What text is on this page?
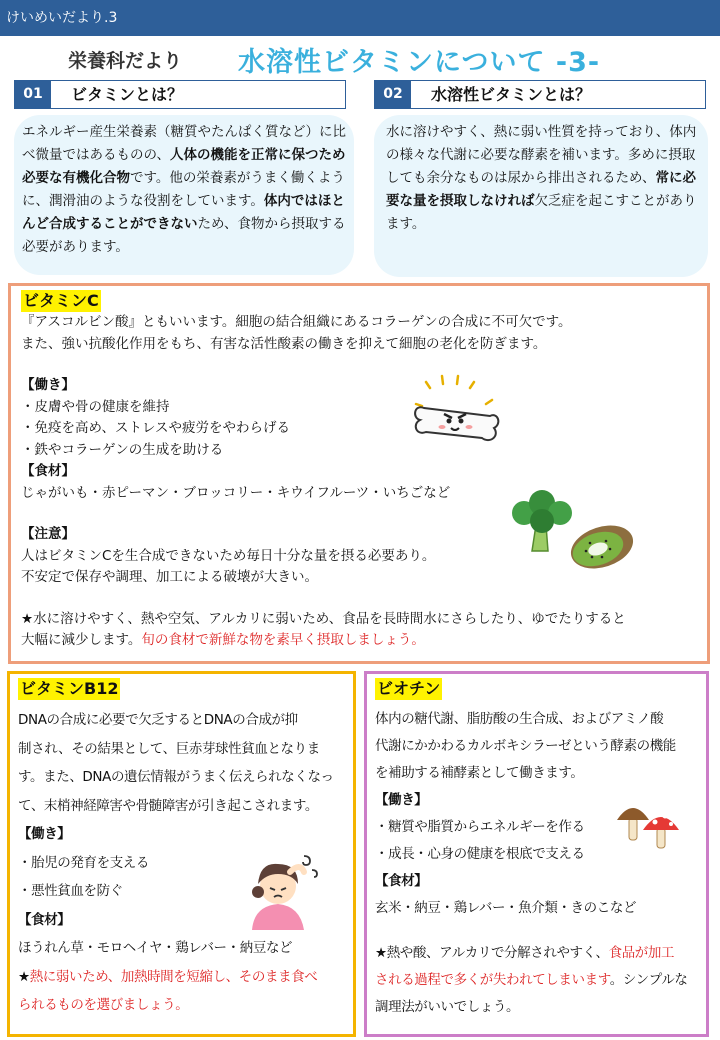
けいめいだより.3
栄養科だより 水溶性ビタミンについて -3-
01	ビタミンとは？	02	水溶性ビタミンとは？

エネルギー産生栄養素（糖質やたんぱく質など）に比べ微量ではあるものの、人体の機能を正常に保つため必要な有機化合物です。他の栄養素がうまく働くように、潤滑油のような役割をしています。体内ではほとんど合成することができないため、食物から摂取する必要があります。

水に溶けやすく、熱に弱い性質を持っており、体内の様々な代謝に必要な酵素を補います。多めに摂取しても余分なものは尿から排出されるため、常に必要な量を摂取しなければ欠乏症を起こすことがあります。

ビタミンC
『アスコルビン酸』ともいいます。細胞の結合組織にあるコラーゲンの合成に不可欠です。
また、強い抗酸化作用をもち、有害な活性酸素の働きを抑えて細胞の老化を防ぎます。
【働き】
・皮膚や骨の健康を維持
・免疫を高め、ストレスや疲労をやわらげる
・鉄やコラーゲンの生成を助ける
【食材】
じゃがいも・赤ピーマン・ブロッコリー・キウイフルーツ・いちごなど
【注意】
人はビタミンCを生合成できないため毎日十分な量を摂る必要あり。
不安定で保存や調理、加工による破壊が大きい。
★水に溶けやすく、熱や空気、アルカリに弱いため、食品を長時間水にさらしたり、ゆでたりすると
大幅に減少します。旬の食材で新鮮な物を素早く摂取しましょう。
ビタミンB12
DNAの合成に必要で欠乏するとDNAの合成が抑
制され、その結果として、巨赤芽球性貧血となりま
す。また、DNAの遺伝情報がうまく伝えられなくなっ
て、末梢神経障害や骨髄障害が引き起こされます。
【働き】
・胎児の発育を支える
・悪性貧血を防ぐ
【食材】
ほうれん草・モロヘイヤ・鶏レバー・納豆など
★熱に弱いため、加熱時間を短縮し、そのまま食べ
られるものを選びましょう。
ビオチン
体内の糖代謝、脂肪酸の生合成、およびアミノ酸
代謝にかかわるカルボキシラーゼという酵素の機能
を補助する補酵素として働きます。
【働き】
・糖質や脂質からエネルギーを作る
・成長・心身の健康を根底で支える
【食材】
玄米・納豆・鶏レバー・魚介類・きのこなど
★熱や酸、アルカリで分解されやすく、食品が加工
される過程で多くが失われてしまいます。シンプルな
調理法がいいでしょう。
